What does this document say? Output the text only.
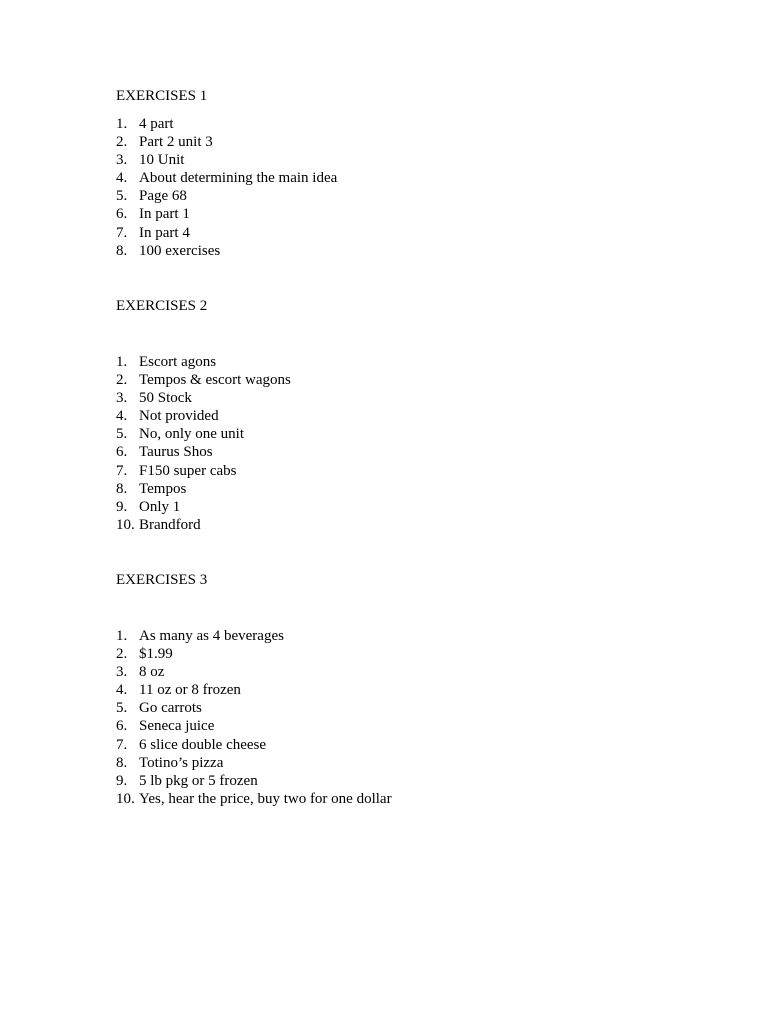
EXERCISES 1
1. 4 part
2. Part 2 unit 3
3. 10 Unit
4. About determining the main idea
5. Page 68
6. In part 1
7. In part 4
8. 100 exercises
EXERCISES 2
1. Escort agons
2. Tempos & escort wagons
3. 50 Stock
4. Not provided
5. No, only one unit
6. Taurus Shos
7. F150 super cabs
8. Tempos
9. Only 1
10. Brandford
EXERCISES 3
1. As many as 4 beverages
2. $1.99
3. 8 oz
4. 11 oz or 8 frozen
5. Go carrots
6. Seneca juice
7. 6 slice double cheese
8. Totino’s pizza
9. 5 lb pkg or 5 frozen
10. Yes, hear the price, buy two for one dollar
